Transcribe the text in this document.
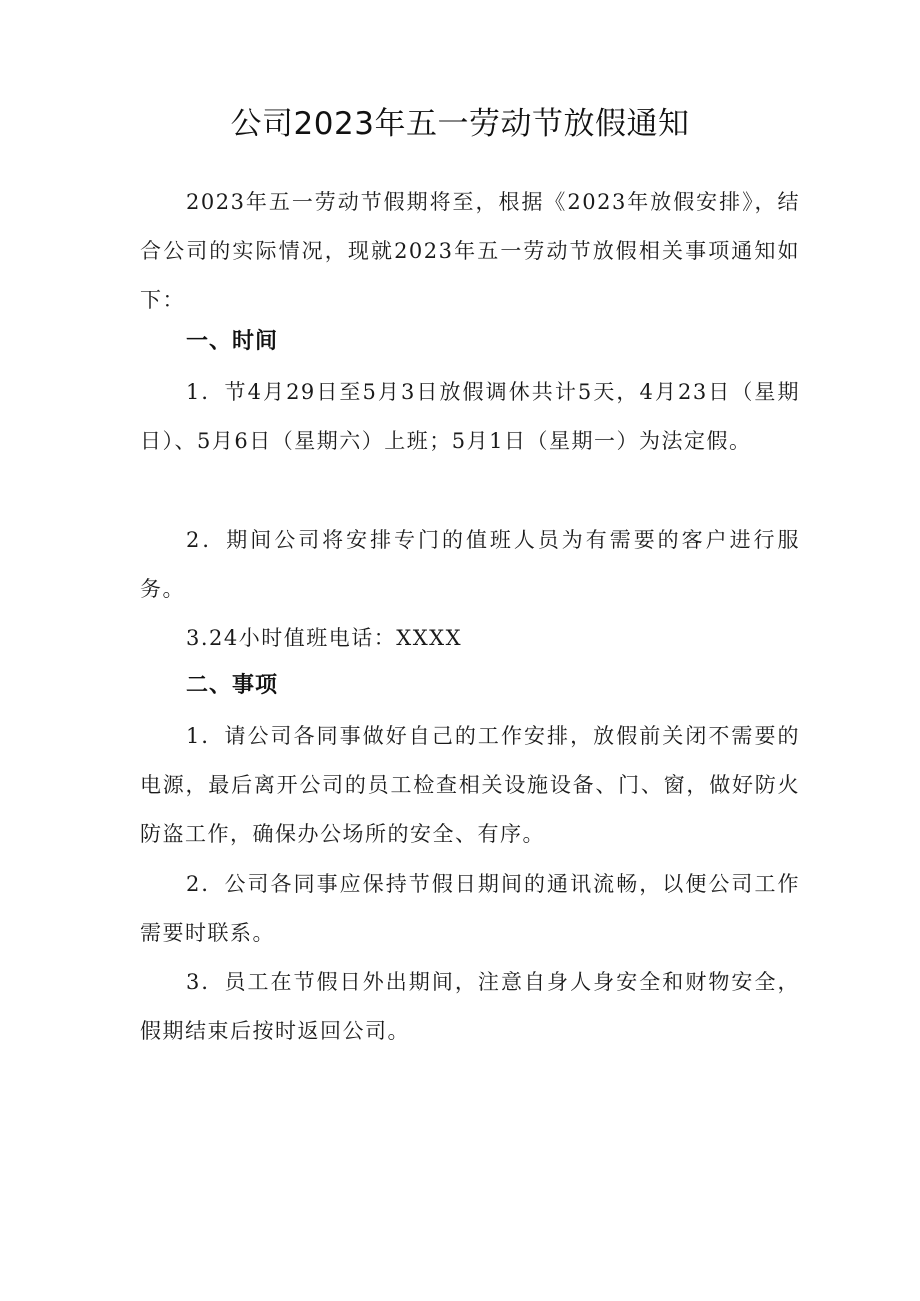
公司2023年五一劳动节放假通知

2023年五一劳动节假期将至，根据《2023年放假安排》，结合公司的实际情况，现就2023年五一劳动节放假相关事项通知如下：

一、时间

1．节4月29日至5月3日放假调休共计5天，4月23日（星期日）、5月6日（星期六）上班；5月1日（星期一）为法定假。

2．期间公司将安排专门的值班人员为有需要的客户进行服务。

3.24小时值班电话：XXXX

二、事项

1．请公司各同事做好自己的工作安排，放假前关闭不需要的电源，最后离开公司的员工检查相关设施设备、门、窗，做好防火防盗工作，确保办公场所的安全、有序。

2．公司各同事应保持节假日期间的通讯流畅，以便公司工作需要时联系。

3．员工在节假日外出期间，注意自身人身安全和财物安全，假期结束后按时返回公司。
